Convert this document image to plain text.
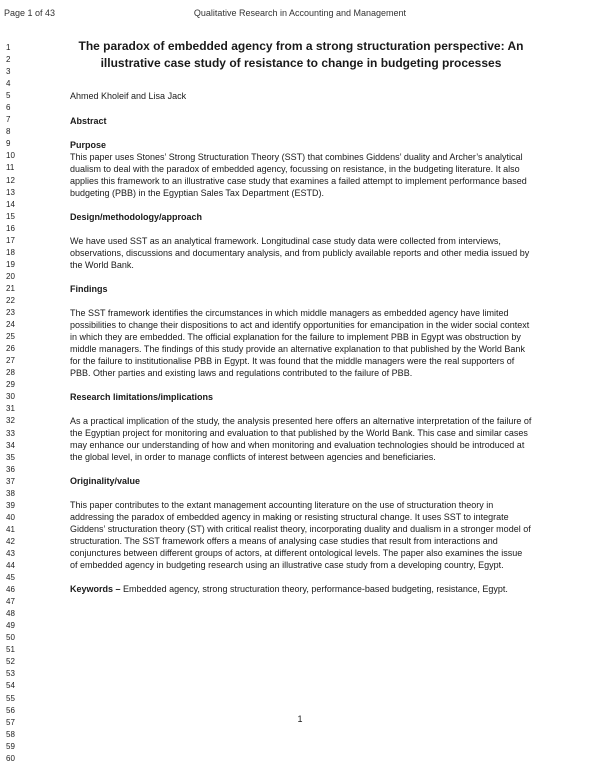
Page 1 of 43	Qualitative Research in Accounting and Management
1
2
3
4
5
6
7
8
9
10
11
12
13
14
15
16
17
18
19
20
21
22
23
24
25
26
27
28
29
30
31
32
33
34
35
36
37
38
39
40
41
42
43
44
45
46
47
48
49
50
51
52
53
54
55
56
57
58
59
60
The paradox of embedded agency from a strong structuration perspective: An illustrative case study of resistance to change in budgeting processes
Ahmed Kholeif and Lisa Jack
Abstract
Purpose
This paper uses Stones’ Strong Structuration Theory (SST) that combines Giddens’ duality and Archer’s analytical dualism to deal with the paradox of embedded agency, focussing on resistance, in the budgeting literature. It also applies this framework to an illustrative case study that examines a failed attempt to implement performance based budgeting (PBB) in the Egyptian Sales Tax Department (ESTD).
Design/methodology/approach
We have used SST as an analytical framework. Longitudinal case study data were collected from interviews, observations, discussions and documentary analysis, and from publicly available reports and other media issued by the World Bank.
Findings
The SST framework identifies the circumstances in which middle managers as embedded agency have limited possibilities to change their dispositions to act and identify opportunities for emancipation in the wider social context in which they are embedded. The official explanation for the failure to implement PBB in Egypt was obstruction by middle managers. The findings of this study provide an alternative explanation to that published by the World Bank for the failure to institutionalise PBB in Egypt. It was found that the middle managers were the real supporters of PBB. Other parties and existing laws and regulations contributed to the failure of PBB.
Research limitations/implications
As a practical implication of the study, the analysis presented here offers an alternative interpretation of the failure of the Egyptian project for monitoring and evaluation to that published by the World Bank. This case and similar cases may enhance our understanding of how and when monitoring and evaluation technologies should be introduced at the global level, in order to manage conflicts of interest between agencies and beneficiaries.
Originality/value
This paper contributes to the extant management accounting literature on the use of structuration theory in addressing the paradox of embedded agency in making or resisting structural change. It uses SST to integrate Giddens’ structuration theory (ST) with critical realist theory, incorporating duality and dualism in a stronger model of structuration. The SST framework offers a means of analysing case studies that result from interactions and conjunctures between different groups of actors, at different ontological levels. The paper also examines the issue of embedded agency in budgeting research using an illustrative case study from a developing country, Egypt.
Keywords – Embedded agency, strong structuration theory, performance-based budgeting, resistance, Egypt.
1
